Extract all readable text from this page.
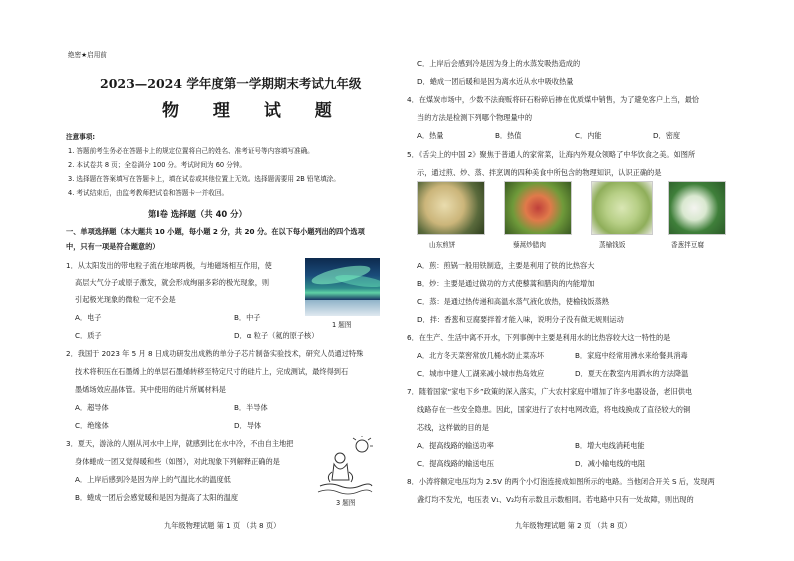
绝密★启用前
2023—2024 学年度第一学期期末考试九年级
物 理 试 题
注意事项:
1. 答题前考生务必在答题卡上的规定位置将自己的姓名、准考证号等内容填写准确。
2. 本试卷共 8 页；全卷满分 100 分。考试时间为 60 分钟。
3. 选择题在答案填写在答题卡上，填在试卷或其他位置上无效。选择题需要用 2B 铅笔填涂。
4. 考试结束后，由监考教师把试卷和答题卡一并收回。
第Ⅰ卷 选择题（共 40 分）
一、单项选择题（本大题共 10 小题，每小题 2 分，共 20 分。在以下每小题列出的四个选项
中，只有一项是符合题意的）
1．从太阳发出的带电粒子流在地球两极，与地磁场相互作用，使
高层大气分子或原子激发，就会形成绚丽多彩的极光现象，则
引起极光现象的微粒一定不会是
A．电子	B．中子
C．质子	D．α 粒子（氦的原子核）
1 题图
2．我国于 2023 年 5 月 8 日成功研发出成熟的单分子芯片制备实验技术，研究人员通过特殊
技术将积压在石墨烯上的单层石墨烯转移至特定尺寸的硅片上，完成测试，最终得到石
墨烯场效应晶体管。其中使用的硅片所属材料是
A．超导体	B．半导体
C．绝缘体	D．导体
3．夏天，游泳的人刚从河水中上岸，就感到比在水中冷，不由自主地把
身体蜷成一团又觉得暖和些（如图），对此现象下列解释正确的是
A．上岸后感到冷是因为岸上的气温比水的温度低
B．蜷成一团后会感觉暖和是因为提高了太阳的温度
3 题图
九年级物理试题 第 1 页 （共 8 页）
C．上岸后会感到冷是因为身上的水蒸发吸热造成的
D．蜷成一团后暖和是因为离水近从水中吸收热量
4．在煤炭市场中，少数不法商贩将矸石粉碎后掺在优质煤中销售，为了避免客户上当，最恰
当的方法是检测下列哪个物理量中的
A．热量	B．热值	C．内能	D．密度
5．《舌尖上的中国 2》聚焦于普通人的家常菜，让海内外观众领略了中华饮食之美。如图所
示，通过煎、炒、蒸、拌烹调的四种美食中所包含的物理知识，认识正确的是
山东煎饼	藜蒿炒腊肉	蒸榆钱饭	香葱拌豆腐
A．煎：煎锅一般用铁制造，主要是利用了铁的比热容大
B．炒：主要是通过做功的方式使藜蒿和腊肉的内能增加
C．蒸：是通过热传递和高温水蒸气液化放热，使榆钱饭蒸熟
D．拌：香葱和豆腐要拌着才能入味，说明分子没有做无规则运动
6．在生产、生活中离不开水，下列事例中主要是利用水的比热容较大这一特性的是
A．北方冬天菜窖常放几桶水防止菜冻坏	B．家庭中经常用沸水来给餐具消毒
C．城市中建人工湖来减小城市热岛效应	D．夏天在教室内用洒水的方法降温
7．随着国家“家电下乡”政策的深入落实，广大农村家庭中增加了许多电器设备，老旧供电
线路存在一些安全隐患。因此，国家进行了农村电网改造，将电线换成了直径较大的铜
芯线，这样做的目的是
A．提高线路的输送功率	B．增大电线消耗电能
C．提高线路的输送电压	D．减小输电线的电阻
8．小涛将额定电压均为 2.5V 的两个小灯泡连接成如图所示的电路。当他闭合开关 S 后，发现两
盏灯均不发光，电压表 V₁、V₂均有示数且示数相同。若电路中只有一处故障，则出现的
九年级物理试题 第 2 页 （共 8 页）
